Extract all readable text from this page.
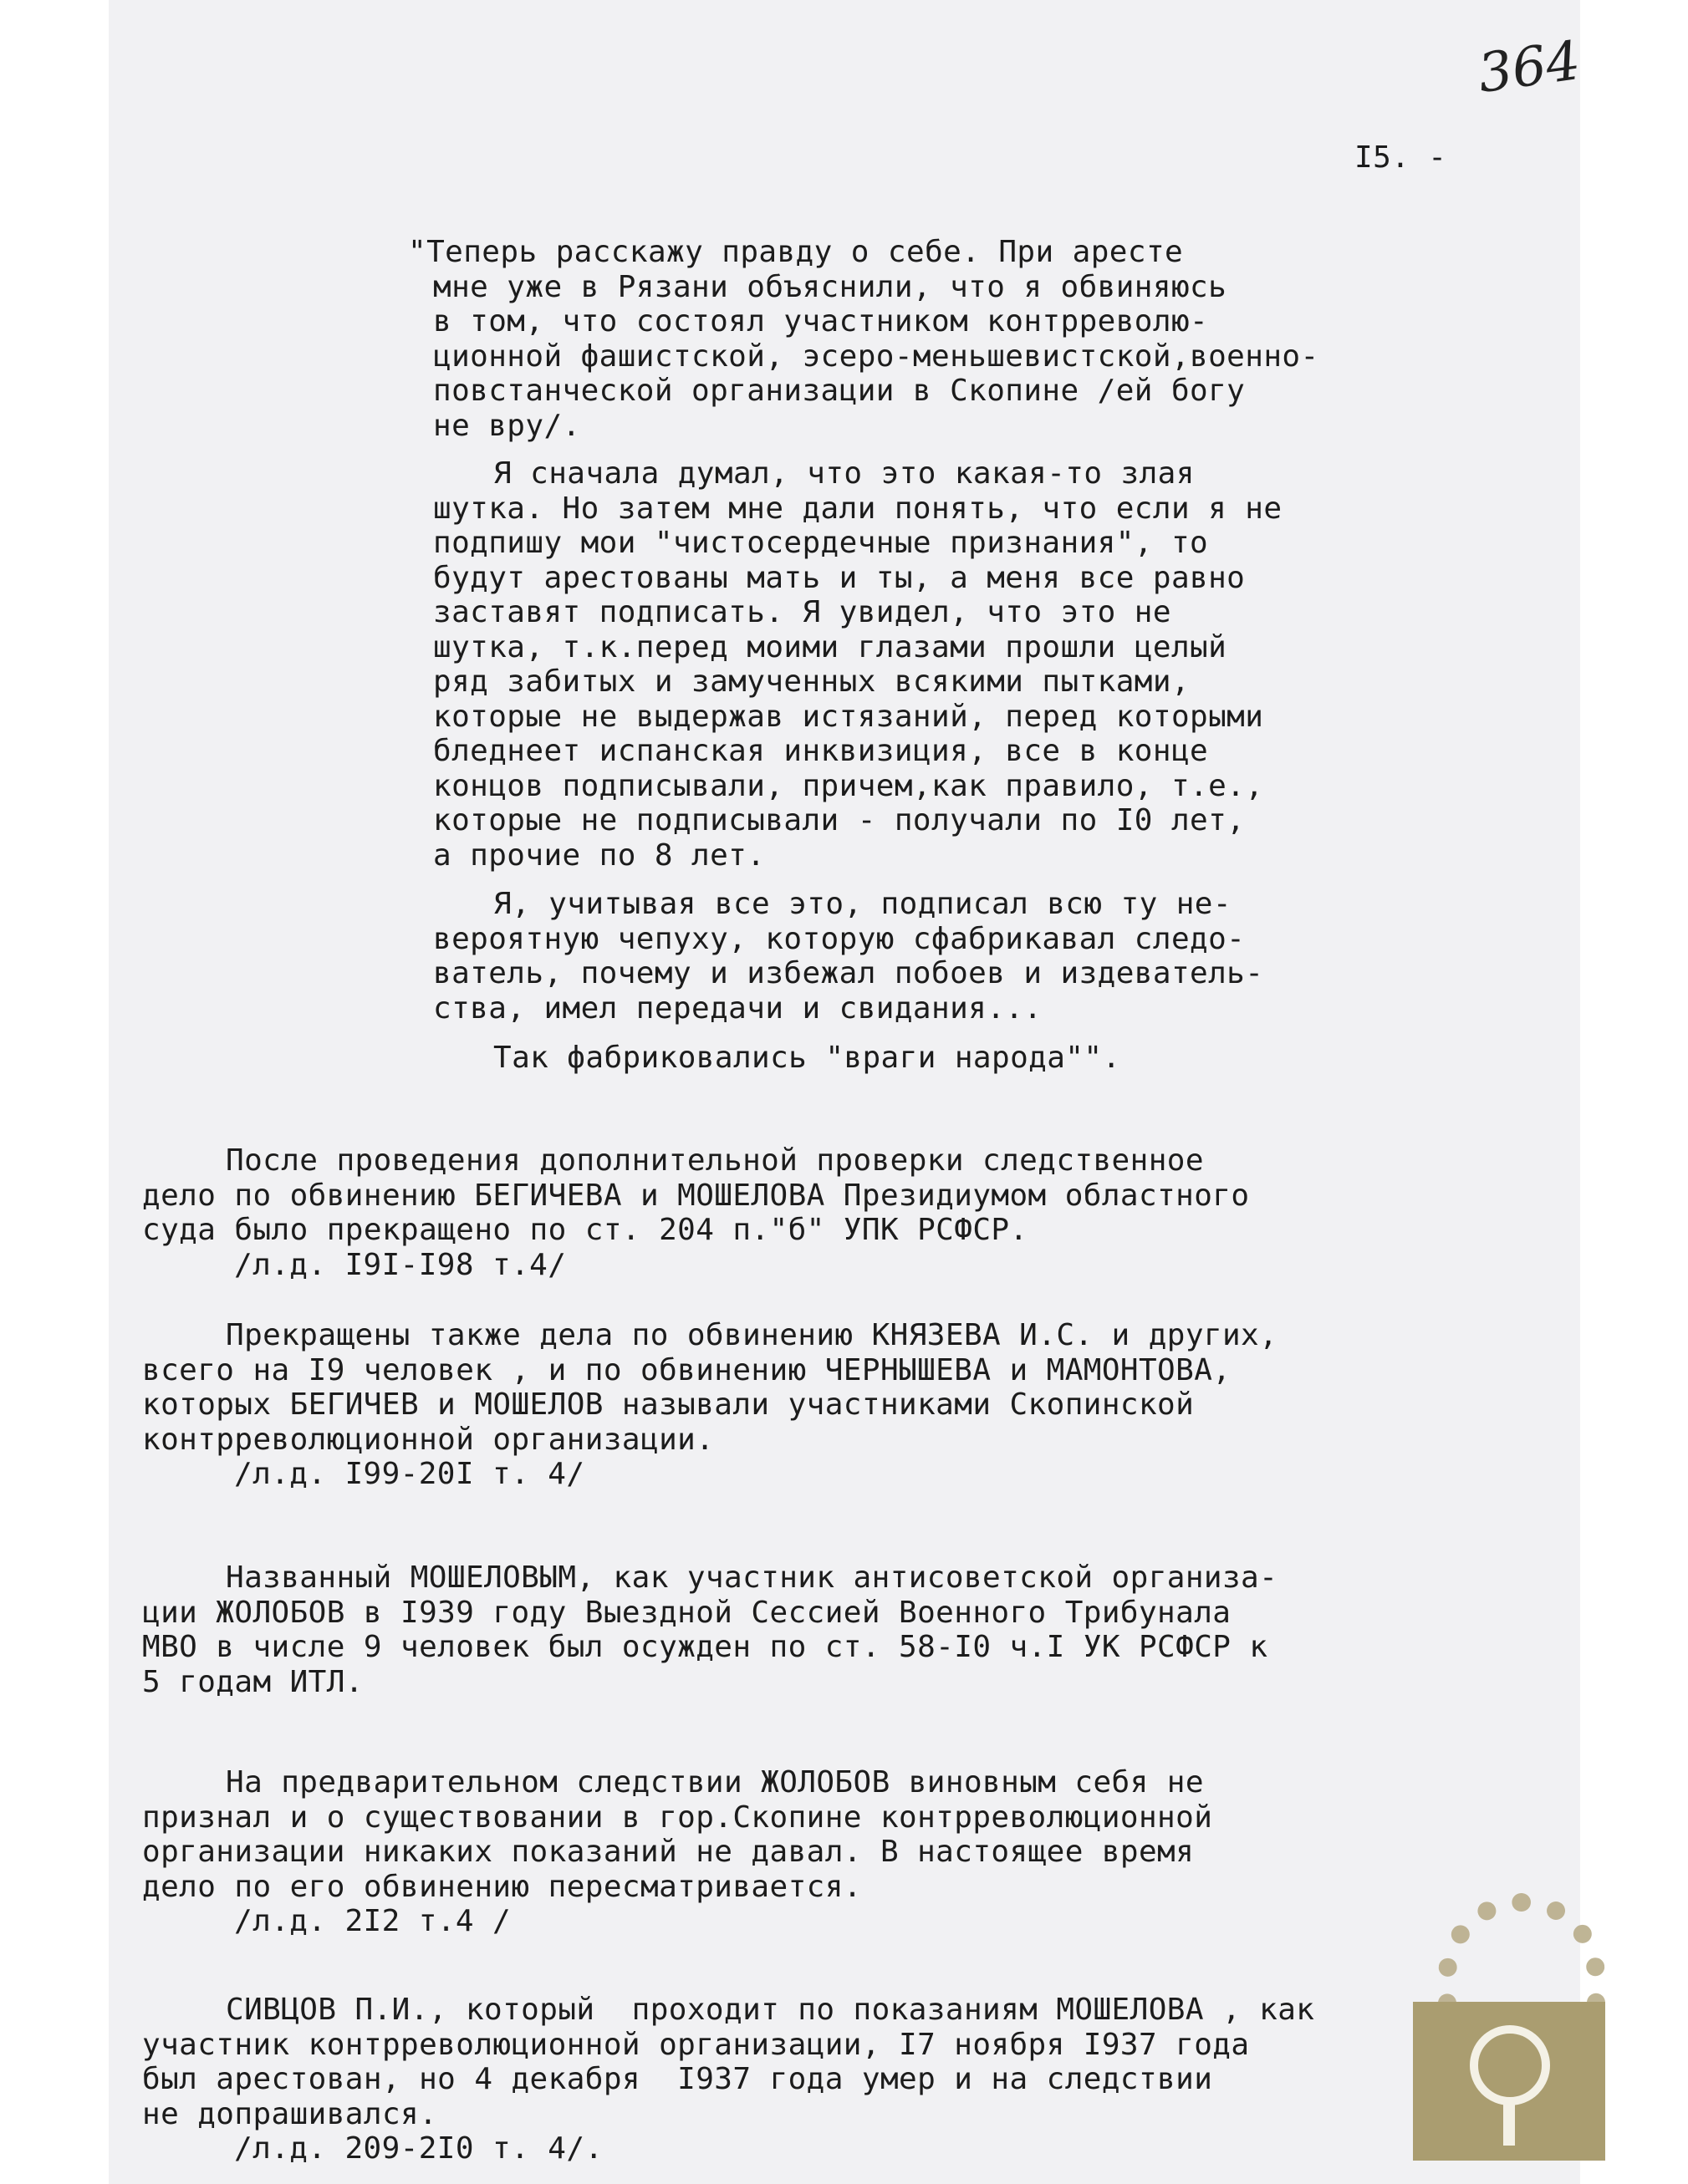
364
I5. -
"Теперь расскажу правду о себе. При аресте
мне уже в Рязани объяснили, что я обвиняюсь
в том, что состоял участником контрреволю-
ционной фашистской, эсеро-меньшевистской,военно-
повстанческой организации в Скопине /ей богу
не вру/.
Я сначала думал, что это какая-то злая
шутка. Но затем мне дали понять, что если я не
подпишу мои "чистосердечные признания", то
будут арестованы мать и ты, а меня все равно
заставят подписать. Я увидел, что это не
шутка, т.к.перед моими глазами прошли целый
ряд забитых и замученных всякими пытками,
которые не выдержав истязаний, перед которыми
бледнеет испанская инквизиция, все в конце
концов подписывали, причем,как правило, т.е.,
которые не подписывали - получали по I0 лет,
а прочие по 8 лет.
Я, учитывая все это, подписал всю ту не-
вероятную чепуху, которую сфабрикавал следо-
ватель, почему и избежал побоев и издеватель-
ства, имел передачи и свидания...
Так фабриковались "враги народа"".
После проведения дополнительной проверки следственное
дело по обвинению БЕГИЧЕВА и МОШЕЛОВА Президиумом областного
суда было прекращено по ст. 204 п."б" УПК РСФСР.
/л.д. I9I-I98 т.4/
Прекращены также дела по обвинению КНЯЗЕВА И.С. и других,
всего на I9 человек , и по обвинению ЧЕРНЫШЕВА и МАМОНТОВА,
которых БЕГИЧЕВ и МОШЕЛОВ называли участниками Скопинской
контрреволюционной организации.
/л.д. I99-20I т. 4/
Названный МОШЕЛОВЫМ, как участник антисоветской организа-
ции ЖОЛОБОВ в I939 году Выездной Сессией Военного Трибунала
МВО в числе 9 человек был осужден по ст. 58-I0 ч.I УК РСФСР к
5 годам ИТЛ.
На предварительном следствии ЖОЛОБОВ виновным себя не
признал и о существовании в гор.Скопине контрреволюционной
организации никаких показаний не давал. В настоящее время
дело по его обвинению пересматривается.
/л.д. 2I2 т.4 /
СИВЦОВ П.И., который  проходит по показаниям МОШЕЛОВА , как
участник контрреволюционной организации, I7 ноября I937 года
был арестован, но 4 декабря  I937 года умер и на следствии
не допрашивался.
/л.д. 209-2I0 т. 4/.
